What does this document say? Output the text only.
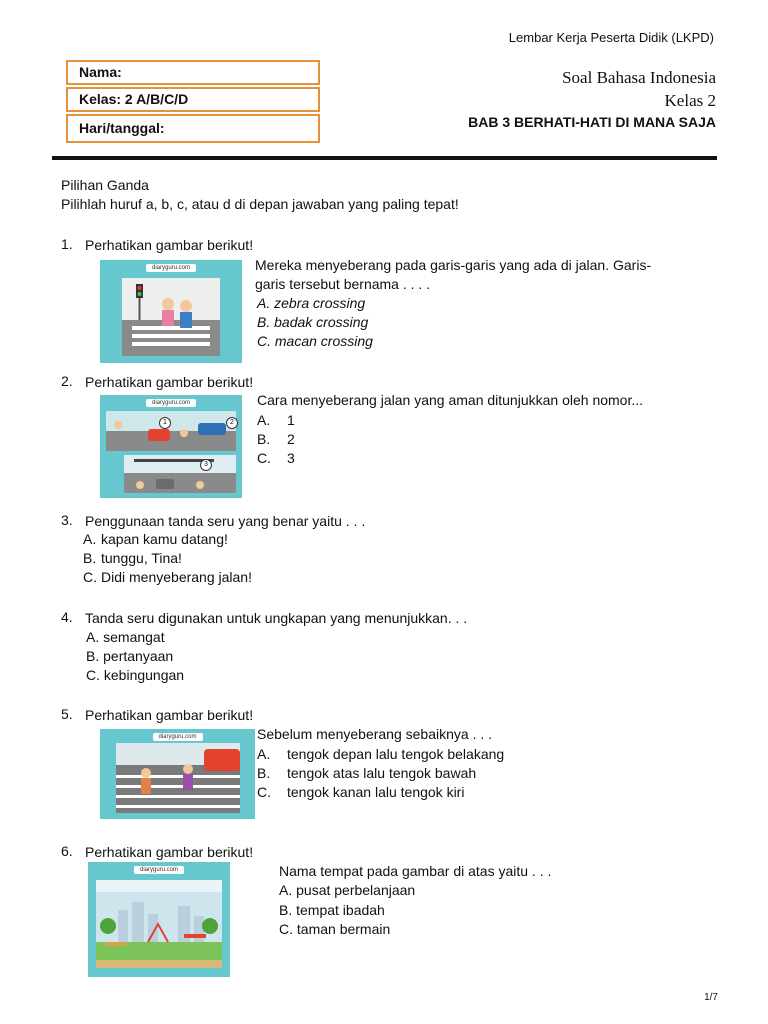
Lembar Kerja Peserta Didik (LKPD)
Nama:
Kelas: 2 A/B/C/D
Hari/tanggal:
Soal Bahasa Indonesia
Kelas 2
BAB 3 BERHATI-HATI DI MANA SAJA
Pilihan Ganda
Pilihlah huruf a, b, c, atau d di depan jawaban yang paling tepat!
1. Perhatikan gambar berikut!
diaryguru.com	Mereka menyeberang pada garis-garis yang ada di jalan. Garis-
garis tersebut bernama . . . .
A. zebra crossing
B. badak crossing
C. macan crossing
2. Perhatikan gambar berikut!
diaryguru.com
1	2
3
Cara menyeberang jalan yang aman ditunjukkan oleh nomor...
A. 1
B. 2
C. 3
3. Penggunaan tanda seru yang benar yaitu . . .
A. kapan kamu datang!
B. tunggu, Tina!
C. Didi menyeberang jalan!
4. Tanda seru digunakan untuk ungkapan yang menunjukkan. . .
A. semangat
B. pertanyaan
C. kebingungan
5. Perhatikan gambar berikut!
diaryguru.com	Sebelum menyeberang sebaiknya . . .
A. tengok depan lalu tengok belakang
B. tengok atas lalu tengok bawah
C. tengok kanan lalu tengok kiri
6. Perhatikan gambar berikut!
diaryguru.com	Nama tempat pada gambar di atas yaitu . . .
A. pusat perbelanjaan
B. tempat ibadah
C. taman bermain
1/7
